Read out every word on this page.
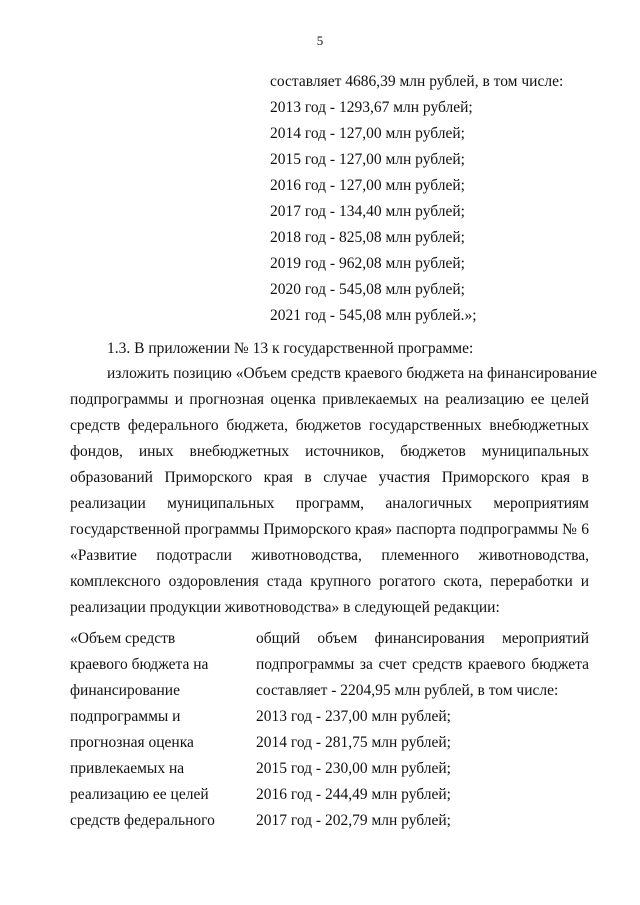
5
составляет 4686,39 млн рублей, в том числе:
2013 год - 1293,67 млн рублей;
2014 год - 127,00 млн рублей;
2015 год - 127,00 млн рублей;
2016 год - 127,00 млн рублей;
2017 год - 134,40 млн рублей;
2018 год - 825,08 млн рублей;
2019 год - 962,08 млн рублей;
2020 год - 545,08 млн рублей;
2021 год - 545,08 млн рублей.»;
1.3. В приложении № 13 к государственной программе:
изложить позицию «Объем средств краевого бюджета на финансирование
подпрограммы и прогнозная оценка привлекаемых на реализацию ее целей
средств федерального бюджета, бюджетов государственных внебюджетных
фондов, иных внебюджетных источников, бюджетов муниципальных
образований Приморского края в случае участия Приморского края в
реализации муниципальных программ, аналогичных мероприятиям
государственной программы Приморского края» паспорта подпрограммы № 6
«Развитие подотрасли животноводства, племенного животноводства,
комплексного оздоровления стада крупного рогатого скота, переработки и
реализации продукции животноводства» в следующей редакции:
«Объем средств
краевого бюджета на
финансирование
подпрограммы и
прогнозная оценка
привлекаемых на
реализацию ее целей
средств федерального
общий объем финансирования мероприятий
подпрограммы за счет средств краевого бюджета
составляет - 2204,95 млн рублей, в том числе:
2013 год - 237,00 млн рублей;
2014 год - 281,75 млн рублей;
2015 год - 230,00 млн рублей;
2016 год - 244,49 млн рублей;
2017 год - 202,79 млн рублей;
